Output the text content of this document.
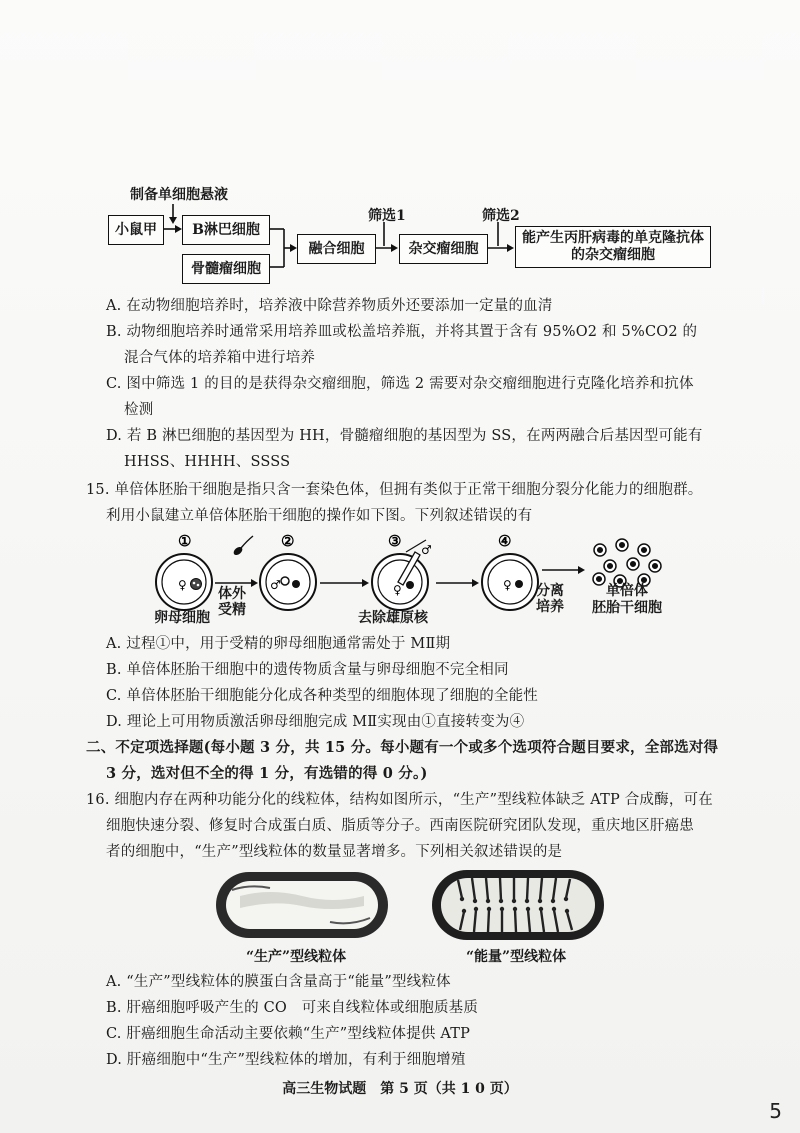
制备单细胞悬液
小鼠甲	B淋巴细胞
骨髓瘤细胞
融合细胞
筛选1
杂交瘤细胞
筛选2
能产生丙肝病毒的单克隆抗体的杂交瘤细胞
A. 在动物细胞培养时，培养液中除营养物质外还要添加一定量的血清
B. 动物细胞培养时通常采用培养皿或松盖培养瓶，并将其置于含有 95%O2 和 5%CO2 的
混合气体的培养箱中进行培养
C. 图中筛选 1 的目的是获得杂交瘤细胞，筛选 2 需要对杂交瘤细胞进行克隆化培养和抗体
检测
D. 若 B 淋巴细胞的基因型为 HH，骨髓瘤细胞的基因型为 SS，在两两融合后基因型可能有
HHSS、HHHH、SSSS
15. 单倍体胚胎干细胞是指只含一套染色体，但拥有类似于正常干细胞分裂分化能力的细胞群。
利用小鼠建立单倍体胚胎干细胞的操作如下图。下列叙述错误的有
♀
①
♂
②
♀
♂
③
♀
④
体外
受精
卵母细胞	去除雄原核
分离
培养
单倍体
胚胎干细胞
A. 过程①中，用于受精的卵母细胞通常需处于 MⅡ期
B. 单倍体胚胎干细胞中的遗传物质含量与卵母细胞不完全相同
C. 单倍体胚胎干细胞能分化成各种类型的细胞体现了细胞的全能性
D. 理论上可用物质激活卵母细胞完成 MⅡ实现由①直接转变为④
二、不定项选择题(每小题 3 分，共 15 分。每小题有一个或多个选项符合题目要求，全部选对得
3 分，选对但不全的得 1 分，有选错的得 0 分。)
16. 细胞内存在两种功能分化的线粒体，结构如图所示，“生产”型线粒体缺乏 ATP 合成酶，可在
细胞快速分裂、修复时合成蛋白质、脂质等分子。西南医院研究团队发现，重庆地区肝癌患
者的细胞中，“生产”型线粒体的数量显著增多。下列相关叙述错误的是
“生产”型线粒体	“能量”型线粒体
A. “生产”型线粒体的膜蛋白含量高于“能量”型线粒体
B. 肝癌细胞呼吸产生的 CO　可来自线粒体或细胞质基质
C. 肝癌细胞生命活动主要依赖“生产”型线粒体提供 ATP
D. 肝癌细胞中“生产”型线粒体的增加，有利于细胞增殖
高三生物试题　第 5 页（共 1 0 页）
5
